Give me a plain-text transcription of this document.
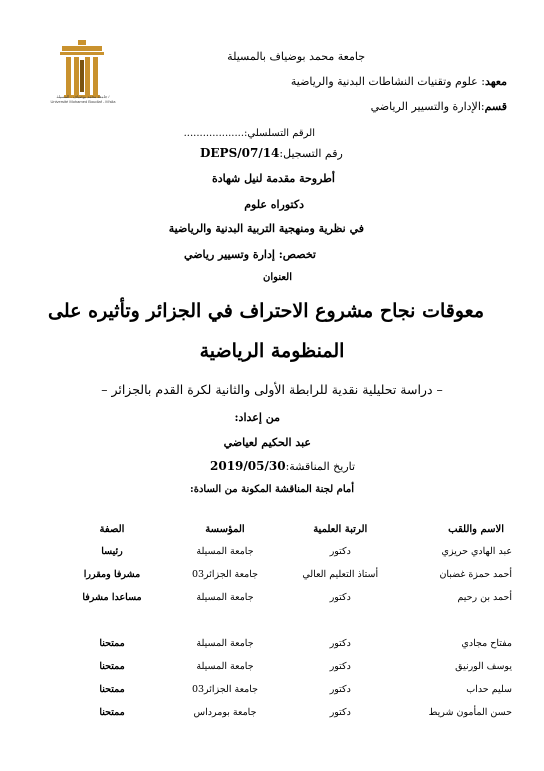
جامعة محمد بوضياف - المسيلة / Université Mohamed Boudiaf - M'sila
جامعة محمد بوضياف بالمسيلة
معهد: علوم وتقنيات النشاطات البدنية والرياضية
قسم:الإدارة والتسيير الرياضي
الرقم التسلسلي:...................
DEPS/07/14رقم التسجيل:
أطروحة مقدمة لنيل شهادة
دكتوراه علوم
في نظرية ومنهجية التربية البدنية والرياضية
تخصص: إدارة وتسيير رياضي
العنوان
معوقات نجاح مشروع الاحتراف في الجزائر وتأثيره على
المنظومة الرياضية
– دراسة تحليلية نقدية للرابطة الأولى والثانية لكرة القدم بالجزائر –
من إعداد:
عبد الحكيم لعياضي
2019/05/30تاريخ المناقشة:
أمام لجنة المناقشة المكونة من السادة:
الاسم واللقب	الرتبة العلمية	المؤسسة	الصفة
عبد الهادي حريزي	دكتور	جامعة المسيلة	رئيسا
أحمد حمزة غضبان	أستاذ التعليم العالي	جامعة الجزائر03	مشرفا ومقررا
أحمد بن رحيم	دكتور	جامعة المسيلة	مساعدا مشرفا

مفتاح مجادي	دكتور	جامعة المسيلة	ممتحنا
يوسف الورنيق	دكتور	جامعة المسيلة	ممتحنا
سليم حداب	دكتور	جامعة الجزائر03	ممتحنا
حسن المأمون شريط	دكتور	جامعة بومرداس	ممتحنا
